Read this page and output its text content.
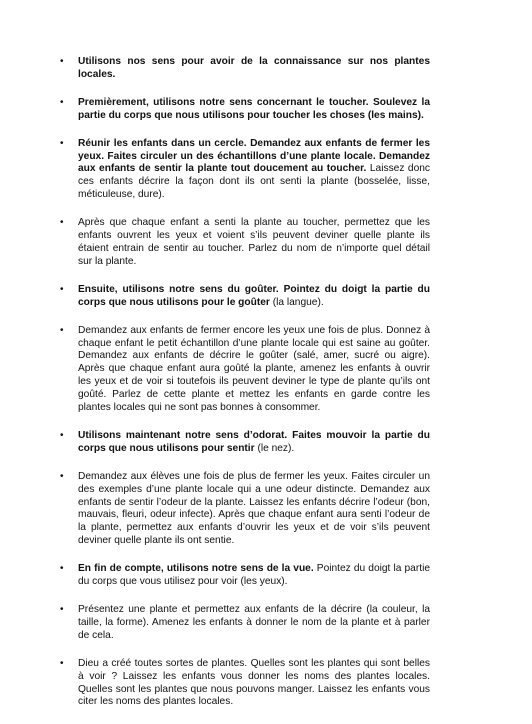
• Utilisons nos sens pour avoir de la connaissance sur nos plantes locales.
• Premièrement, utilisons notre sens concernant le toucher. Soulevez la partie du corps que nous utilisons pour toucher les choses (les mains).
• Réunir les enfants dans un cercle. Demandez aux enfants de fermer les yeux. Faites circuler un des échantillons d’une plante locale. Demandez aux enfants de sentir la plante tout doucement au toucher. Laissez donc ces enfants décrire la façon dont ils ont senti la plante (bosselée, lisse, méticuleuse, dure).
• Après que chaque enfant a senti la plante au toucher, permettez que les enfants ouvrent les yeux et voient s’ils peuvent deviner quelle plante ils étaient entrain de sentir au toucher. Parlez du nom de n’importe quel détail sur la plante.
• Ensuite, utilisons notre sens du goûter. Pointez du doigt la partie du corps que nous utilisons pour le goûter (la langue).
• Demandez aux enfants de fermer encore les yeux une fois de plus. Donnez à chaque enfant le petit échantillon d’une plante locale qui est saine au goûter. Demandez aux enfants de décrire le goûter (salé, amer, sucré ou aigre). Après que chaque enfant aura goûté la plante, amenez les enfants à ouvrir les yeux et de voir si toutefois ils peuvent deviner le type de plante qu’ils ont goûté. Parlez de cette plante et mettez les enfants en garde contre les plantes locales qui ne sont pas bonnes à consommer.
• Utilisons maintenant notre sens d’odorat. Faites mouvoir la partie du corps que nous utilisons pour sentir (le nez).
• Demandez aux élèves une fois de plus de fermer les yeux. Faites circuler un des exemples d’une plante locale qui a une odeur distincte. Demandez aux enfants de sentir l’odeur de la plante. Laissez les enfants décrire l’odeur (bon, mauvais, fleuri, odeur infecte). Après que chaque enfant aura senti l’odeur de la plante, permettez aux enfants d’ouvrir les yeux et de voir s’ils peuvent deviner quelle plante ils ont sentie.
• En fin de compte, utilisons notre sens de la vue. Pointez du doigt la partie du corps que vous utilisez pour voir (les yeux).
• Présentez une plante et permettez aux enfants de la décrire (la couleur, la taille, la forme). Amenez les enfants à donner le nom de la plante et à parler de cela.
• Dieu a créé toutes sortes de plantes. Quelles sont les plantes qui sont belles à voir ? Laissez les enfants vous donner les noms des plantes locales. Quelles sont les plantes que nous pouvons manger. Laissez les enfants vous citer les noms des plantes locales.
